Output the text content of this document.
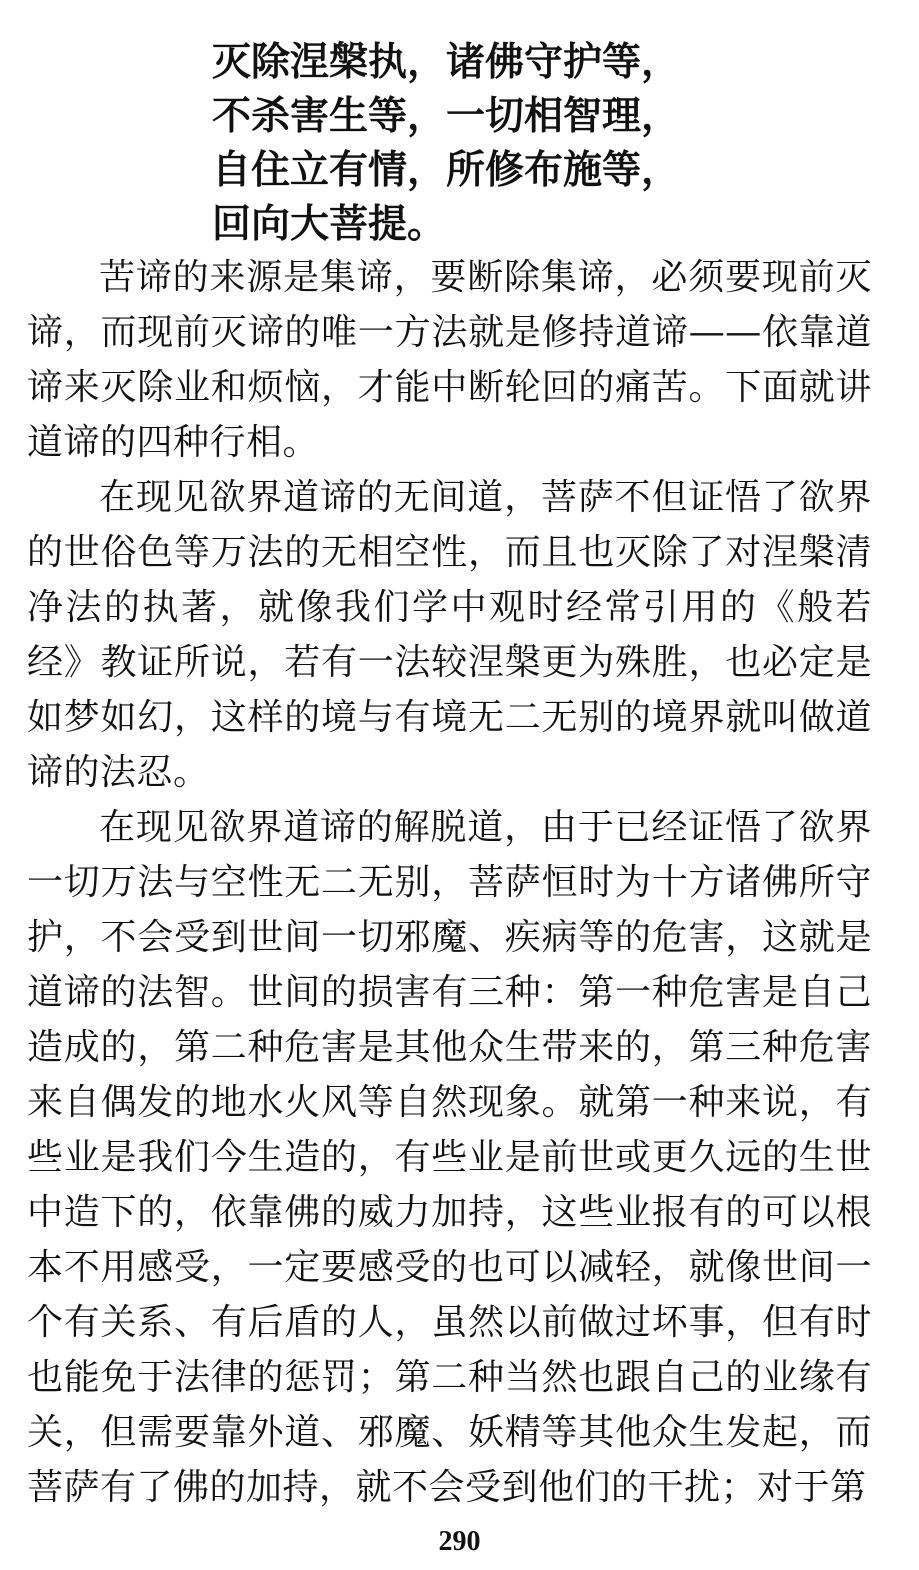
灭除涅槃执，诸佛守护等，
不杀害生等，一切相智理，
自住立有情，所修布施等，
回向大菩提。

苦谛的来源是集谛，要断除集谛，必须要现前灭谛，而现前灭谛的唯一方法就是修持道谛——依靠道谛来灭除业和烦恼，才能中断轮回的痛苦。下面就讲道谛的四种行相。

在现见欲界道谛的无间道，菩萨不但证悟了欲界的世俗色等万法的无相空性，而且也灭除了对涅槃清净法的执著，就像我们学中观时经常引用的《般若经》教证所说，若有一法较涅槃更为殊胜，也必定是如梦如幻，这样的境与有境无二无别的境界就叫做道谛的法忍。

在现见欲界道谛的解脱道，由于已经证悟了欲界一切万法与空性无二无别，菩萨恒时为十方诸佛所守护，不会受到世间一切邪魔、疾病等的危害，这就是道谛的法智。世间的损害有三种：第一种危害是自己造成的，第二种危害是其他众生带来的，第三种危害来自偶发的地水火风等自然现象。就第一种来说，有些业是我们今生造的，有些业是前世或更久远的生世中造下的，依靠佛的威力加持，这些业报有的可以根本不用感受，一定要感受的也可以减轻，就像世间一个有关系、有后盾的人，虽然以前做过坏事，但有时也能免于法律的惩罚；第二种当然也跟自己的业缘有关，但需要靠外道、邪魔、妖精等其他众生发起，而菩萨有了佛的加持，就不会受到他们的干扰；对于第

290
